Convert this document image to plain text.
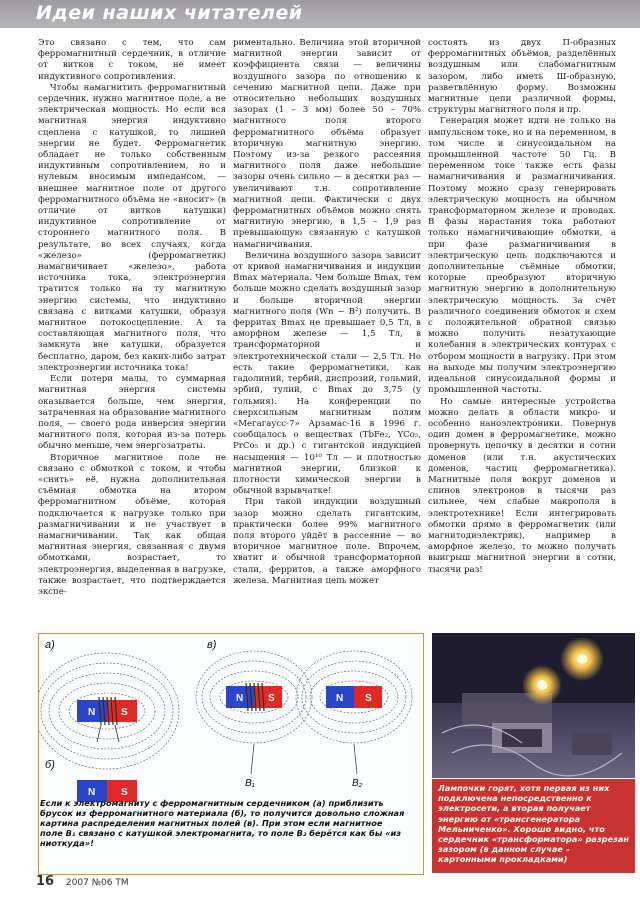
Идеи наших читателей

Это связано с тем, что сам ферромагнитный сердечник, в отличие от витков с током, не имеет индуктивного сопротивления.

Чтобы намагнитить ферромагнитный сердечник, нужно магнитное поле, а не электрическая мощность. Но если вся магнитная энергия индуктивно сцеплена с катушкой, то лишней энергии не будет. Ферромагнетик обладает не только собственным индуктивным сопротивлением, но и нулевым вносимым импедансом, — внешнее магнитное поле от другого ферромагнитного объёма не «вносит» (в отличие от витков катушки) индуктивное сопротивление от стороннего магнитного поля. В результате, во всех случаях, когда «железо» (ферромагнетик) намагничивает «железо», работа источника тока, электроэнергия тратится только на ту магнитную энергию системы, что индуктивно связана с витками катушки, образуя магнитное потокосцепление. А та составляющая магнитного поля, что замкнута вне катушки, образуется бесплатно, даром, без каких-либо затрат электроэнергии источника тока!

Если потери малы, то суммарная магнитная энергия системы оказывается больше, чем энергия, затраченная на образование магнитного поля, — своего рода инверсия энергии магнитного поля, которая из-за потерь обычно меньше, чем энергозатраты.

Вторичное магнитное поле не связано с обмоткой с током, и чтобы «снять» её, нужна дополнительная съёмная обмотка на втором ферромагнитном объёме, которая подключается к нагрузке только при размагничивании и не участвует в намагничивании. Так как общая магнитная энергия, связанная с двумя обмотками, возрастает, то электроэнергия, выделенная в нагрузке, также возрастает, что подтверждается экспе-

риментально. Величина этой вторичной магнитной энергии зависит от коэффициента связи — величины воздушного зазора по отношению к сечению магнитной цепи. Даже при относительно небольших воздушных зазорах (1 – 3 мм) более 50 – 70% магнитного поля второго ферромагнитного объёма образует вторичную магнитную энергию. Поэтому из-за резкого рассеяния магнитного поля даже небольшие зазоры очень сильно — в десятки раз — увеличивают т.н. сопротивление магнитной цепи. Фактически с двух ферромагнитных объёмов можно снять магнитную энергию, в 1,5 – 1,9 раз превышающую связанную с катушкой намагничивания.

Величина воздушного зазора зависит от кривой намагничивания и индукции Bmax материала. Чем больше Bmax, тем больше можно сделать воздушный зазор и больше вторичной энергии магнитного поля (Wn ~ B²) получить. В ферритах Bmax не превышает 0,5 Тл, в аморфном железе — 1,5 Тл, в трансформаторной и электротехнической стали — 2,5 Тл. Но есть такие ферромагнетики, как гадолиний, тербий, диспрозий, гольмий, эрбий, тулий, с Bmax до 3,75 (у гольмия). На конференции по сверхсильным магнитным полям «Мегагаусс-7» Арзамас-16 в 1996 г. сообщалось о веществах (TbFe₂, YCo₅, PrCo₅ и др.) с гигантской индукцией насыщения — 10¹⁰ Тл — и плотностью магнитной энергии, близкой к плотности химической энергии в обычной взрывчатке!

При такой индукции воздушный зазор можно сделать гигантским, практически более 99% магнитного поля второго уйдёт в рассеяние — во вторичное магнитное поле. Впрочем, хватит и обычной трансформаторной стали, ферритов, а также аморфного железа. Магнитная цепь может

состоять из двух П-образных ферромагнитных объёмов, разделённых воздушным или слабомагнитным зазором, либо иметь Ш-образную, разветвлённую форму. Возможны магнитные цепи различной формы, структуры магнитного поля и пр.

Генерация может идти не только на импульсном токе, но и на переменном, в том числе и синусоидальном на промышленной частоте 50 Гц. В переменном токе также есть фазы намагничивания и размагничивания. Поэтому можно сразу генерировать электрическую мощность на обычном трансформаторном железе и проводах. В фазы нарастания тока работают только намагничивающие обмотки, а при фазе размагничивания в электрическую цепь подключаются и дополнительные съёмные обмотки, которые преобразуют вторичную магнитную энергию в дополнительную электрическую мощность. За счёт различного соединения обмоток и схем с положительной обратной связью можно получить незатухающие колебания в электрических контурах с отбором мощности в нагрузку. При этом на выходе мы получим электроэнергию идеальной синусоидальной формы и промышленной частоты.

Но самые интересные устройства можно делать в области микро- и особенно наноэлектроники. Повернув один домен в ферромагнетике, можно провернуть цепочку в десятки и сотни доменов (или т.н. акустических доменов, частиц ферромагнетика). Магнитные поля вокруг доменов и спинов электронов в тысячи раз сильнее, чем слабые макрополя в электротехнике! Если интегрировать обмотки прямо в ферромагнетик (или магнитодиэлектрик), например в аморфное железо, то можно получать выигрыш магнитной энергии в сотни, тысячи раз!

а)
б)
в)
N	S
N	S
N S	N S
B₁	B₂
Если к электромагниту с ферромагнитным сердечником (а) приблизить брусок из ферромагнитного материала (б), то получится довольно сложная картина распределения магнитных полей (в). При этом если магнитное поле B₁ связано с катушкой электромагнита, то поле B₂ берётся как бы «из ниоткуда»!
Лампочки горят, хотя первая из них подключена непосредственно к электросети, а вторая получает энергию от «трансгенератора Мельниченко». Хорошо видно, что сердечник «трансформатора» разрезан зазором (в данном случае – картонными прокладками)
16 2007 №06 ТМ
